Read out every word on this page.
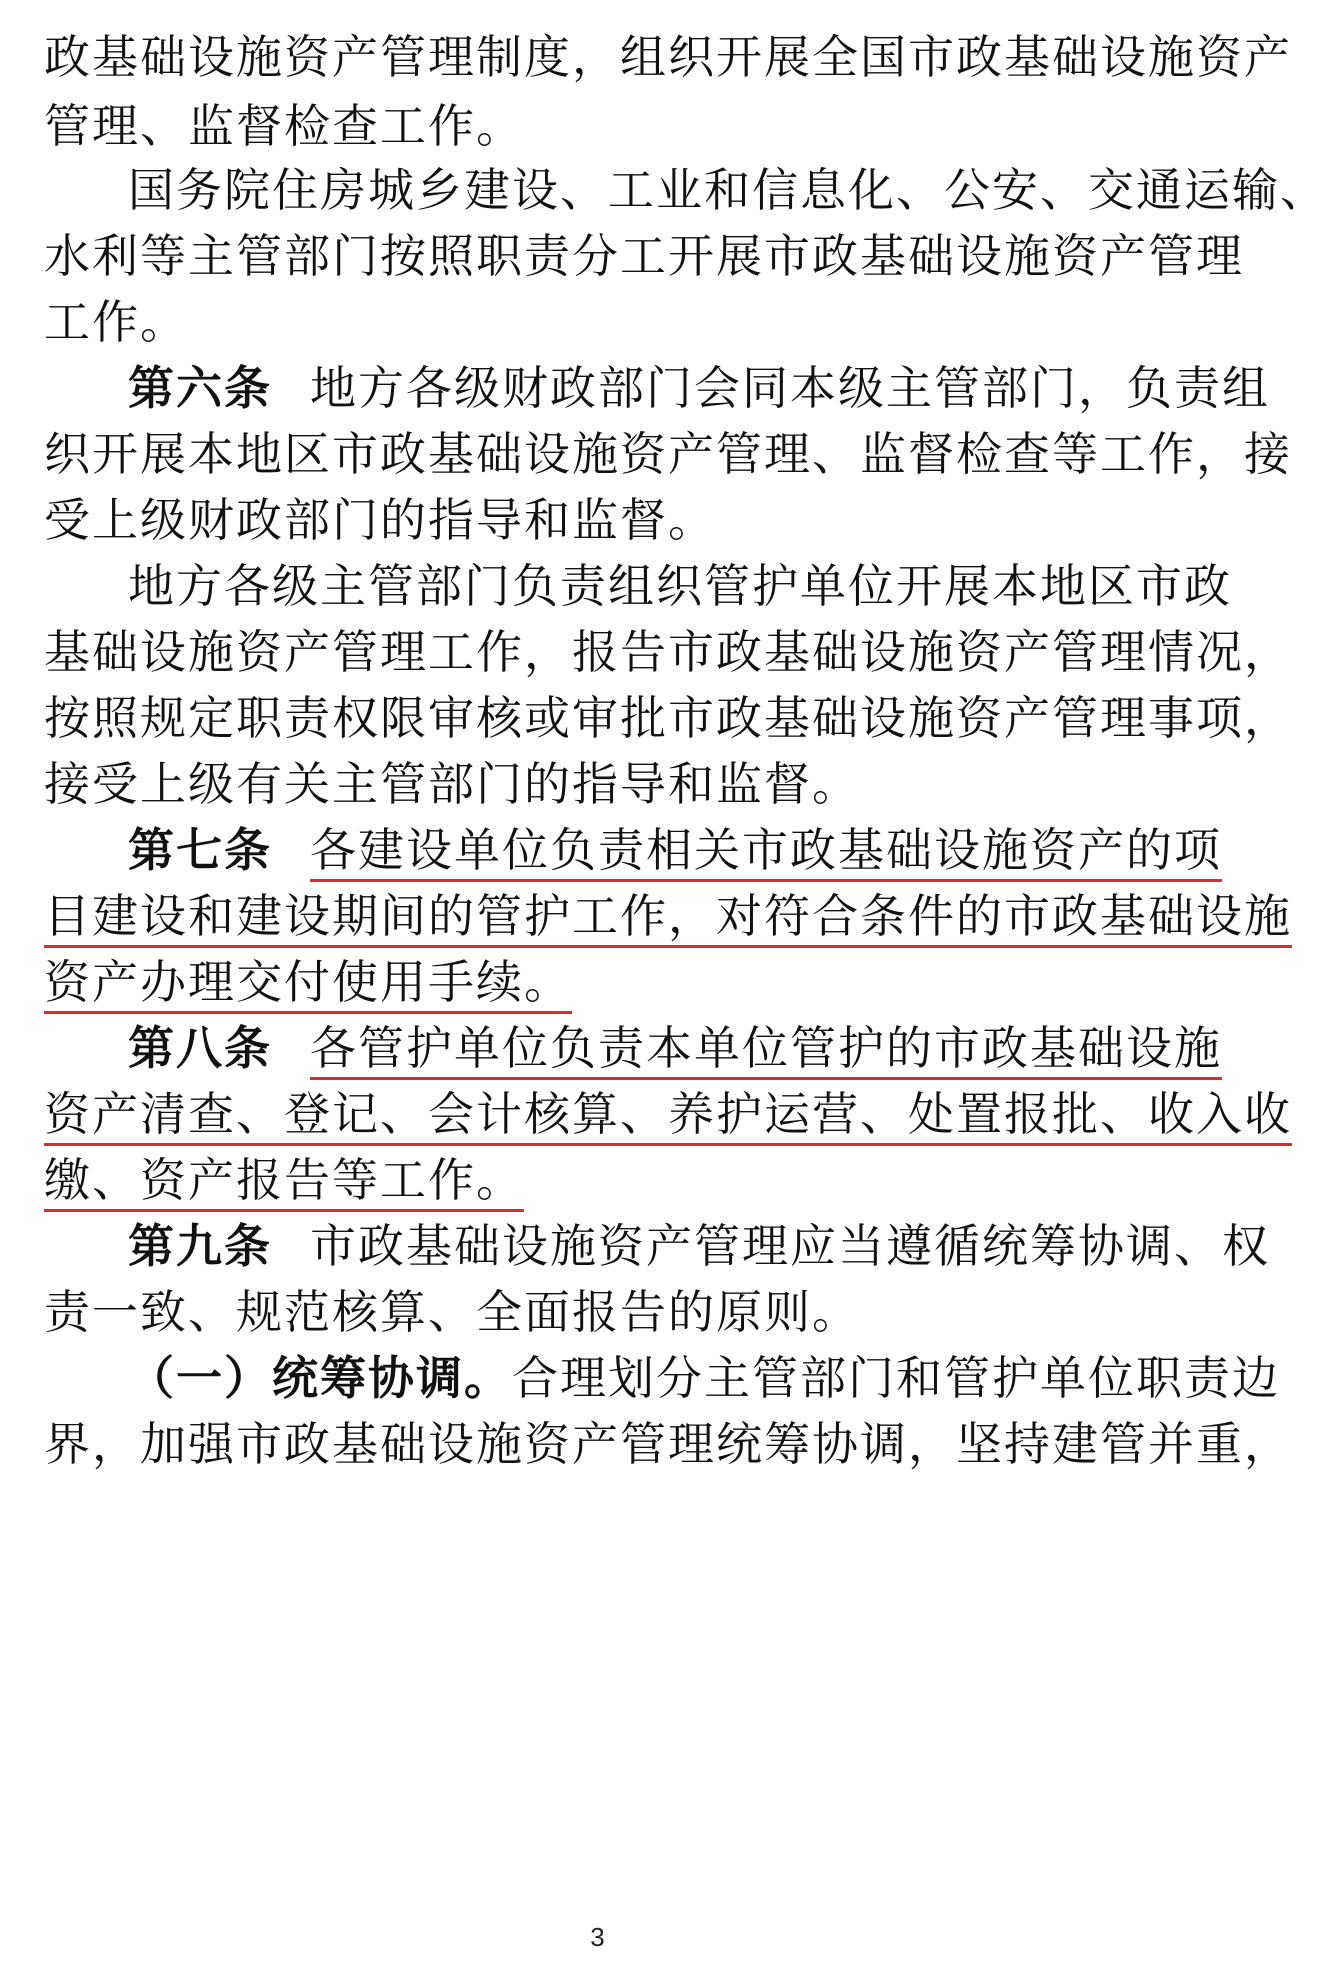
政基础设施资产管理制度，组织开展全国市政基础设施资产
管理、监督检查工作。
国务院住房城乡建设、工业和信息化、公安、交通运输、
水利等主管部门按照职责分工开展市政基础设施资产管理
工作。
第六条 地方各级财政部门会同本级主管部门，负责组
织开展本地区市政基础设施资产管理、监督检查等工作，接
受上级财政部门的指导和监督。
地方各级主管部门负责组织管护单位开展本地区市政
基础设施资产管理工作，报告市政基础设施资产管理情况，
按照规定职责权限审核或审批市政基础设施资产管理事项，
接受上级有关主管部门的指导和监督。
第七条 各建设单位负责相关市政基础设施资产的项
目建设和建设期间的管护工作，对符合条件的市政基础设施
资产办理交付使用手续。
第八条 各管护单位负责本单位管护的市政基础设施
资产清查、登记、会计核算、养护运营、处置报批、收入收
缴、资产报告等工作。
第九条 市政基础设施资产管理应当遵循统筹协调、权
责一致、规范核算、全面报告的原则。
（一）统筹协调。合理划分主管部门和管护单位职责边
界，加强市政基础设施资产管理统筹协调，坚持建管并重，
3
